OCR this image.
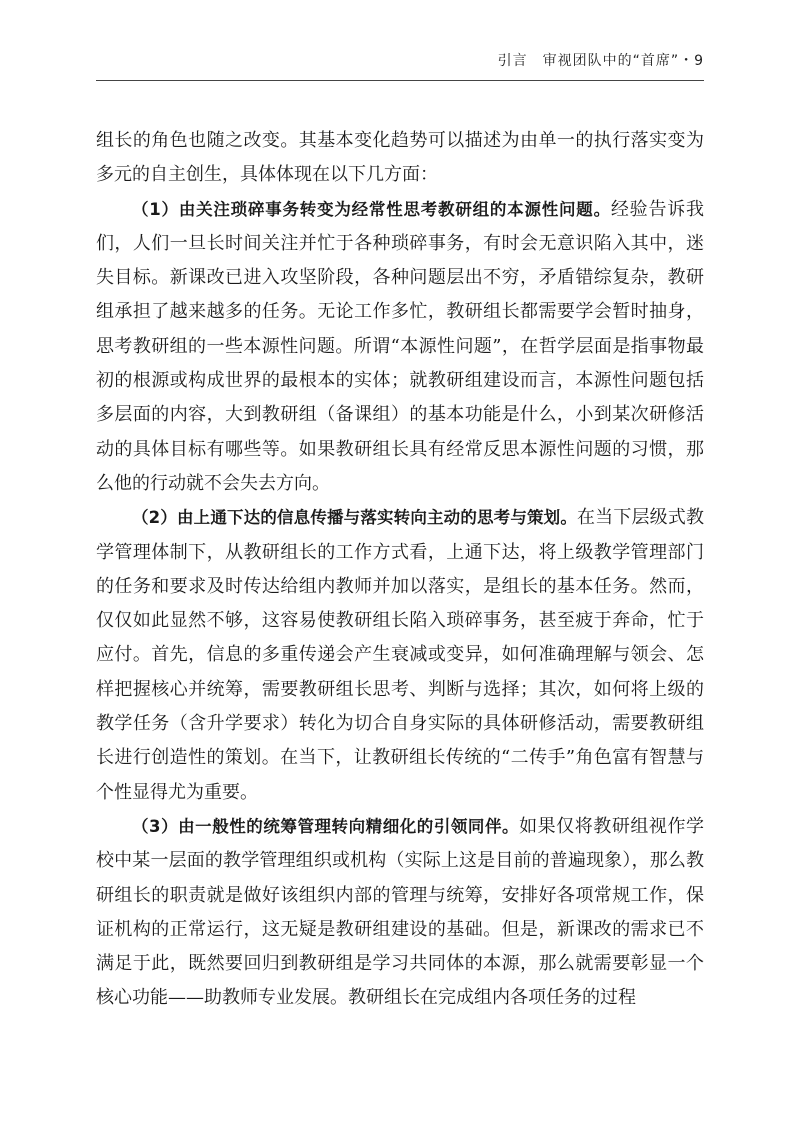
引言　审视团队中的“首席”・9

组长的角色也随之改变。其基本变化趋势可以描述为由单一的执行落实变为多元的自主创生，具体体现在以下几方面：

（1）由关注琐碎事务转变为经常性思考教研组的本源性问题。经验告诉我们，人们一旦长时间关注并忙于各种琐碎事务，有时会无意识陷入其中，迷失目标。新课改已进入攻坚阶段，各种问题层出不穷，矛盾错综复杂，教研组承担了越来越多的任务。无论工作多忙，教研组长都需要学会暂时抽身，思考教研组的一些本源性问题。所谓“本源性问题”，在哲学层面是指事物最初的根源或构成世界的最根本的实体；就教研组建设而言，本源性问题包括多层面的内容，大到教研组（备课组）的基本功能是什么，小到某次研修活动的具体目标有哪些等。如果教研组长具有经常反思本源性问题的习惯，那么他的行动就不会失去方向。

（2）由上通下达的信息传播与落实转向主动的思考与策划。在当下层级式教学管理体制下，从教研组长的工作方式看，上通下达，将上级教学管理部门的任务和要求及时传达给组内教师并加以落实，是组长的基本任务。然而，仅仅如此显然不够，这容易使教研组长陷入琐碎事务，甚至疲于奔命，忙于应付。首先，信息的多重传递会产生衰减或变异，如何准确理解与领会、怎样把握核心并统筹，需要教研组长思考、判断与选择；其次，如何将上级的教学任务（含升学要求）转化为切合自身实际的具体研修活动，需要教研组长进行创造性的策划。在当下，让教研组长传统的“二传手”角色富有智慧与个性显得尤为重要。

（3）由一般性的统筹管理转向精细化的引领同伴。如果仅将教研组视作学校中某一层面的教学管理组织或机构（实际上这是目前的普遍现象），那么教研组长的职责就是做好该组织内部的管理与统筹，安排好各项常规工作，保证机构的正常运行，这无疑是教研组建设的基础。但是，新课改的需求已不满足于此，既然要回归到教研组是学习共同体的本源，那么就需要彰显一个核心功能——助教师专业发展。教研组长在完成组内各项任务的过程
